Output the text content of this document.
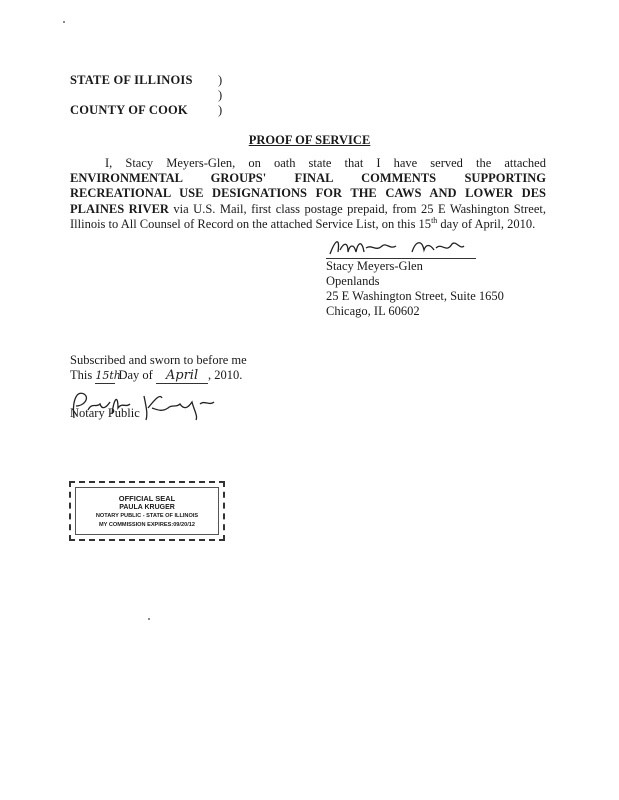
STATE OF ILLINOIS )
)
COUNTY OF COOK )
PROOF OF SERVICE
I, Stacy Meyers-Glen, on oath state that I have served the attached ENVIRONMENTAL GROUPS' FINAL COMMENTS SUPPORTING RECREATIONAL USE DESIGNATIONS FOR THE CAWS AND LOWER DES PLAINES RIVER via U.S. Mail, first class postage prepaid, from 25 E Washington Street, Illinois to All Counsel of Record on the attached Service List, on this 15th day of April, 2010.
Stacy Meyers-Glen
Openlands
25 E Washington Street, Suite 1650
Chicago, IL 60602
Subscribed and sworn to before me
This 15th Day of April , 2010.
Notary Public
OFFICIAL SEAL
PAULA KRUGER
NOTARY PUBLIC - STATE OF ILLINOIS
MY COMMISSION EXPIRES:09/20/12
